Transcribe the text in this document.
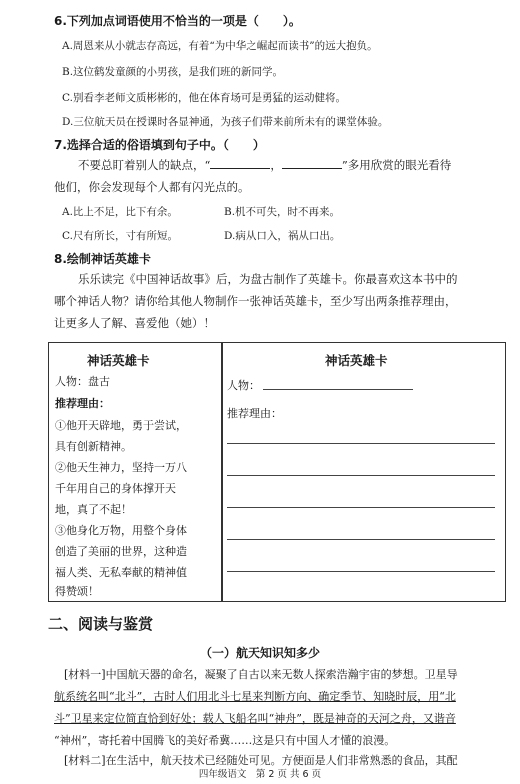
6.下列加点词语使用不恰当的一项是（　　）。
A.周恩来从小就志存高远，有着“为中华之崛起而读书”的远大抱负。
B.这位鹤发童颜的小男孩，是我们班的新同学。
C.别看李老师文质彬彬的，他在体育场可是勇猛的运动健将。
D.三位航天员在授课时各显神通，为孩子们带来前所未有的课堂体验。
7.选择合适的俗语填到句子中。（　　）
不要总盯着别人的缺点，“	，	”多用欣赏的眼光看待
他们，你会发现每个人都有闪光点的。
A.比上不足，比下有余。	B.机不可失，时不再来。
C.尺有所长，寸有所短。	D.病从口入，祸从口出。
8.绘制神话英雄卡
乐乐读完《中国神话故事》后，为盘古制作了英雄卡。你最喜欢这本书中的
哪个神话人物？请你给其他人物制作一张神话英雄卡，至少写出两条推荐理由，
让更多人了解、喜爱他（她）！
神话英雄卡
人物：盘古
推荐理由：
①他开天辟地，勇于尝试，
具有创新精神。
②他天生神力，坚持一万八
千年用自己的身体撑开天
地，真了不起！
③他身化万物，用整个身体
创造了美丽的世界，这种造
福人类、无私奉献的精神值
得赞颂！
神话英雄卡
人物：
推荐理由：
二、阅读与鉴赏
（一）航天知识知多少
[材料一]中国航天器的命名，凝聚了自古以来无数人探索浩瀚宇宙的梦想。卫星导
航系统名叫“北斗”，古时人们用北斗七星来判断方向、确定季节、知晓时辰，用“北
斗”卫星来定位简直恰到好处；载人飞船名叫“神舟”，既是神奇的天河之舟，又谐音
“神州”，寄托着中国腾飞的美好希冀……这是只有中国人才懂的浪漫。
[材料二]在生活中，航天技术已经随处可见。方便面是人们非常熟悉的食品，其配
四年级语文　第 2 页 共 6 页
